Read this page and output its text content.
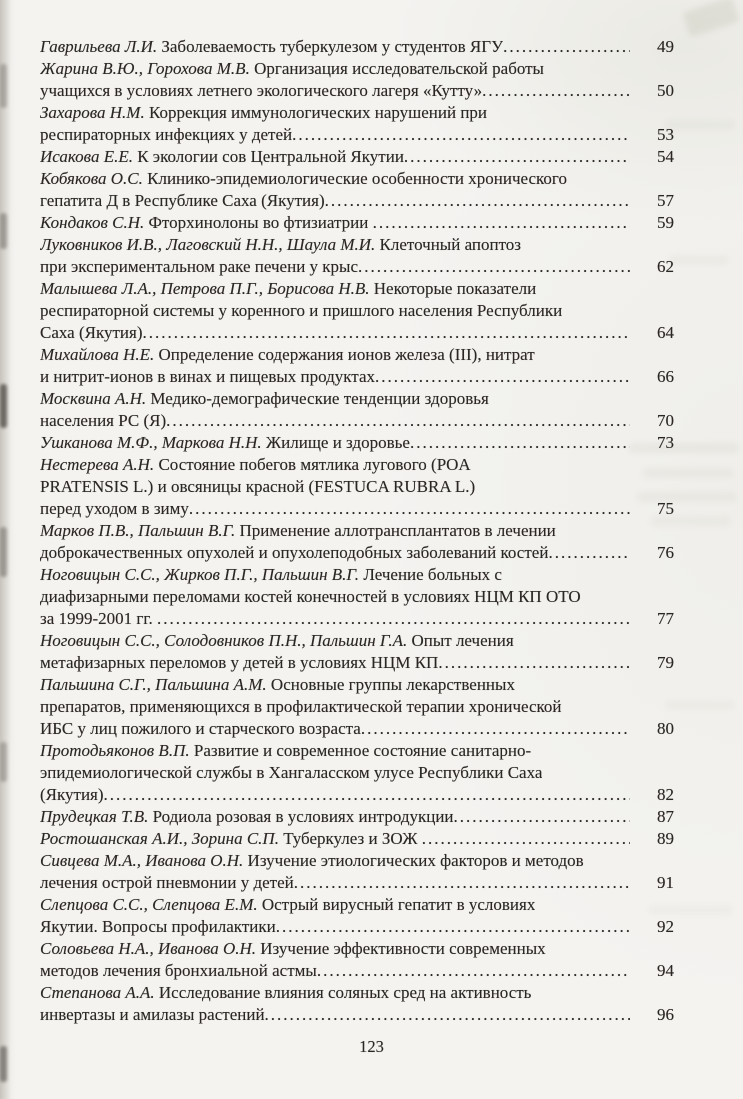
Гаврильева Л.И. Заболеваемость туберкулезом у студентов ЯГУ .....	49
Жарина В.Ю., Горохова М.В. Организация исследовательской работы
учащихся в условиях летнего экологического лагеря «Кутту» .....	50
Захарова Н.М. Коррекция иммунологических нарушений при
респираторных инфекциях у детей .....	53
Исакова Е.Е. К экологии сов Центральной Якутии .....	54
Кобякова О.С. Клинико-эпидемиологические особенности хронического
гепатита Д в Республике Саха (Якутия) .....	57
Кондаков С.Н. Фторхинолоны во фтизиатрии .....	59
Луковников И.В., Лаговский Н.Н., Шаула М.И. Клеточный апоптоз
при экспериментальном раке печени у крыс .....	62
Малышева Л.А., Петрова П.Г., Борисова Н.В. Некоторые показатели
респираторной системы у коренного и пришлого населения Республики
Саха (Якутия) .....	64
Михайлова Н.Е. Определение содержания ионов железа (III), нитрат
и нитрит-ионов в винах и пищевых продуктах .....	66
Москвина А.Н. Медико-демографические тенденции здоровья
населения РС (Я) .....	70
Ушканова М.Ф., Маркова Н.Н. Жилище и здоровье .....	73
Нестерева А.Н. Состояние побегов мятлика лугового (POA
PRATENSIS L.) и овсяницы красной (FESTUCA RUBRA L.)
перед уходом в зиму .....	75
Марков П.В., Пальшин В.Г. Применение аллотрансплантатов в лечении
доброкачественных опухолей и опухолеподобных заболеваний костей .....	76
Ноговицын С.С., Жирков П.Г., Пальшин В.Г. Лечение больных с
диафизарными переломами костей конечностей в условиях НЦМ КП ОТО
за 1999-2001 гг. .....	77
Ноговицын С.С., Солодовников П.Н., Пальшин Г.А. Опыт лечения
метафизарных переломов у детей в условиях НЦМ КП .....	79
Пальшина С.Г., Пальшина А.М. Основные группы лекарственных
препаратов, применяющихся в профилактической терапии хронической
ИБС у лиц пожилого и старческого возраста .....	80
Протодьяконов В.П. Развитие и современное состояние санитарно-
эпидемиологической службы в Хангаласском улусе Республики Саха
(Якутия) .....	82
Прудецкая Т.В. Родиола розовая в условиях интродукции .....	87
Ростошанская А.И., Зорина С.П. Туберкулез и ЗОЖ .....	89
Сивцева М.А., Иванова О.Н. Изучение этиологических факторов и методов
лечения острой пневмонии у детей .....	91
Слепцова С.С., Слепцова Е.М. Острый вирусный гепатит в условиях
Якутии. Вопросы профилактики .....	92
Соловьева Н.А., Иванова О.Н. Изучение эффективности современных
методов лечения бронхиальной астмы .....	94
Степанова А.А. Исследование влияния соляных сред на активность
инвертазы и амилазы растений .....	96
123
